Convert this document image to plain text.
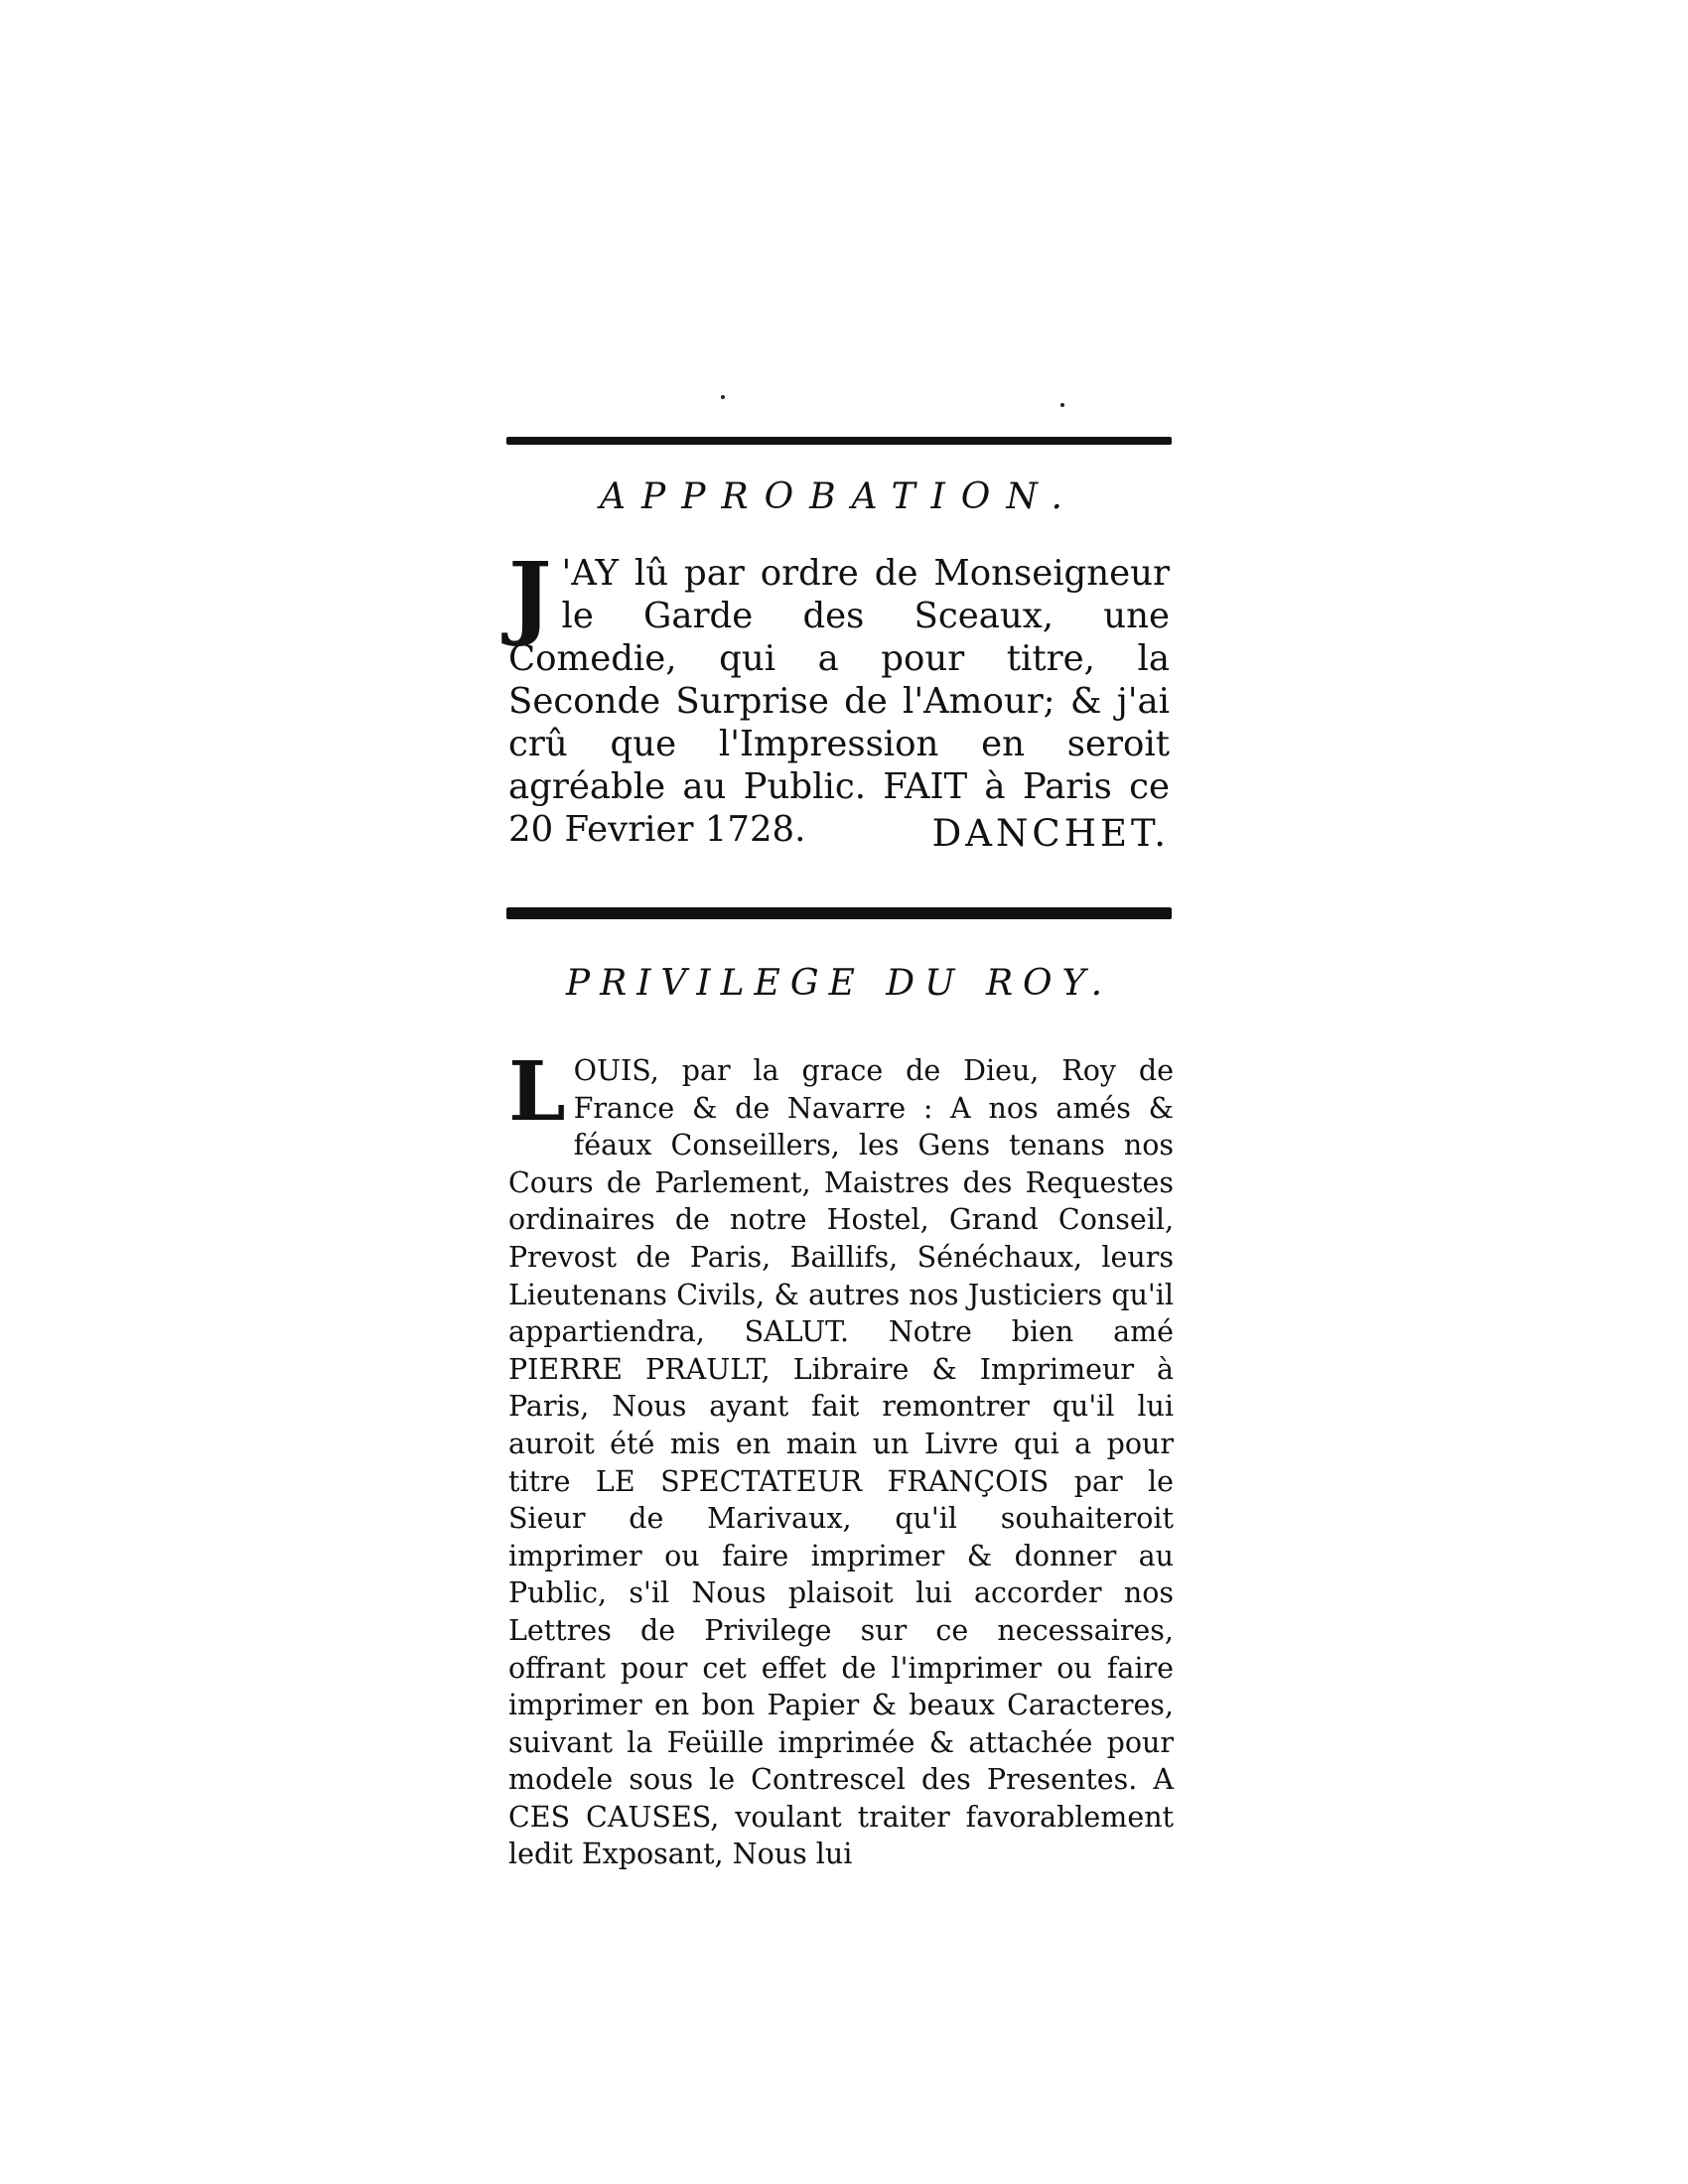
APPROBATION.

J 'AY lû par ordre de Monseigneur le Garde des Sceaux, une Comedie, qui a pour titre, la Seconde Surprise de l'Amour; & j'ai crû que l'Impression en seroit agréable au Public. FAIT à Paris ce 20 Fevrier 1728.	DANCHET.

PRIVILEGE DU ROY.

LOUIS, par la grace de Dieu, Roy de France & de Navarre : A nos amés & féaux Conseillers, les Gens tenans nos Cours de Parlement, Maistres des Requestes ordinaires de notre Hostel, Grand Conseil, Prevost de Paris, Baillifs, Sénéchaux, leurs Lieutenans Civils, & autres nos Justiciers qu'il appartiendra, SALUT. Notre bien amé PIERRE PRAULT, Libraire & Imprimeur à Paris, Nous ayant fait remontrer qu'il lui auroit été mis en main un Livre qui a pour titre LE SPECTATEUR FRANÇOIS par le Sieur de Marivaux, qu'il souhaiteroit imprimer ou faire imprimer & donner au Public, s'il Nous plaisoit lui accorder nos Lettres de Privilege sur ce necessaires, offrant pour cet effet de l'imprimer ou faire imprimer en bon Papier & beaux Caracteres, suivant la Feüille imprimée & attachée pour modele sous le Contrescel des Presentes. A CES CAUSES, voulant traiter favorablement ledit Exposant, Nous lui
